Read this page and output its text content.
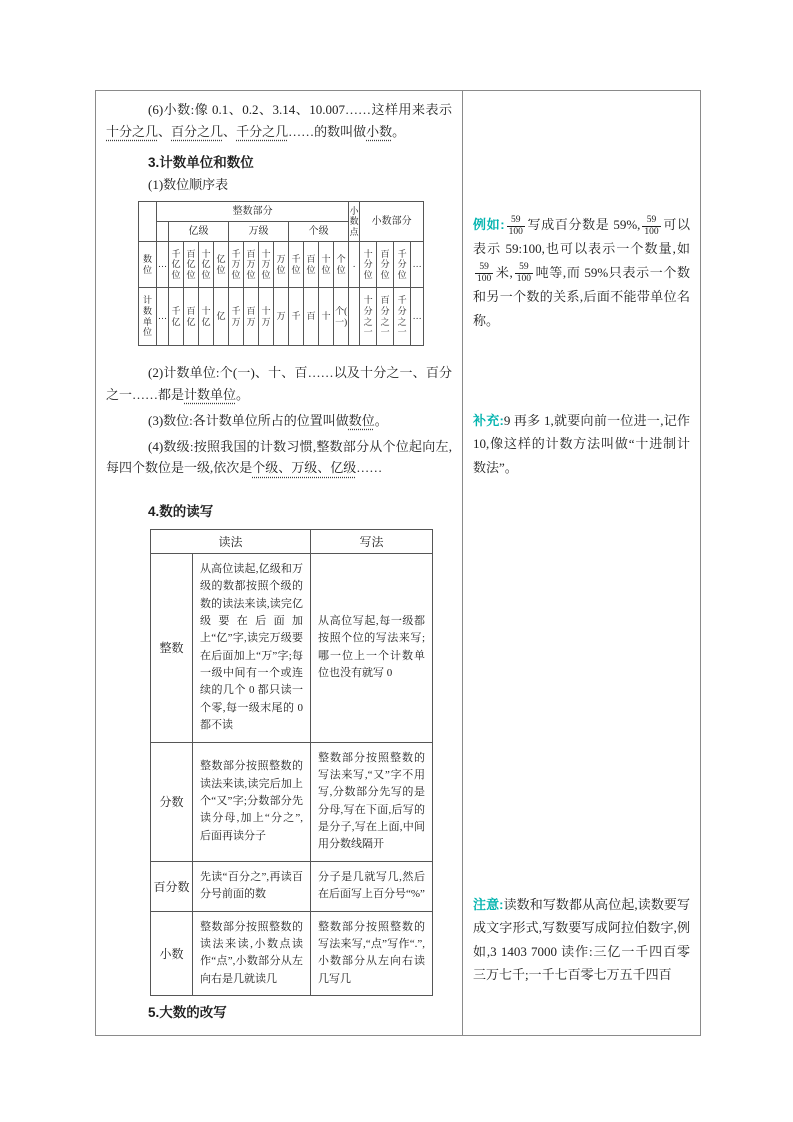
(6)小数:像 0.1、0.2、3.14、10.007……这样用来表示十分之几、百分之几、千分之几……的数叫做小数。

3.计数单位和数位

(1)数位顺序表

	整数部分													小数点	小数部分			
		亿级				万级				个级								
数位	…	千亿位	百亿位	十亿位	亿位	千万位	百万位	十万位	万位	千位	百位	十位	个位	.	十分位	百分位	千分位	…
计数单位	…	千亿	百亿	十亿	亿	千万	百万	十万	万	千	百	十	个(一)		十分之一	百分之一	千分之一	…

(2)计数单位:个(一)、十、百……以及十分之一、百分之一……都是计数单位。

(3)数位:各计数单位所占的位置叫做数位。

(4)数级:按照我国的计数习惯,整数部分从个位起向左,每四个数位是一级,依次是个级、万级、亿级……

4.数的读写

读法		写法
整数	从高位读起,亿级和万级的数都按照个级的数的读法来读,读完亿级要在后面加上“亿”字,读完万级要在后面加上“万”字;每一级中间有一个或连续的几个 0 都只读一个零,每一级末尾的 0 都不读	从高位写起,每一级都按照个位的写法来写;哪一位上一个计数单位也没有就写 0
分数	整数部分按照整数的读法来读,读完后加上个“又”字;分数部分先读分母,加上“分之”,后面再读分子	整数部分按照整数的写法来写,“又”字不用写,分数部分先写的是分母,写在下面,后写的是分子,写在上面,中间用分数线隔开
百分数	先读“百分之”,再读百分号前面的数	分子是几就写几,然后在后面写上百分号“%”
小数	整数部分按照整数的读法来读,小数点读作“点”,小数部分从左向右是几就读几	整数部分按照整数的写法来写,“点”写作“.”,小数部分从左向右读几写几

5.大数的改写

例如: $\frac{59}{100}$ 写成百分数是 59%, $\frac{59}{100}$ 可以表示 59:100,也可以表示一个数量,如
$\frac{59}{100}$ 米, $\frac{59}{100}$ 吨等,而 59%只表示一个数和另一个数的关系,后面不能带单位名称。
补充:9 再多 1,就要向前一位进一,记作 10,像这样的计数方法叫做“十进制计数法”。
注意:读数和写数都从高位起,读数要写成文字形式,写数要写成阿拉伯数字,例如,3 1403 7000 读作:三亿一千四百零三万七千;一千七百零七万五千四百
